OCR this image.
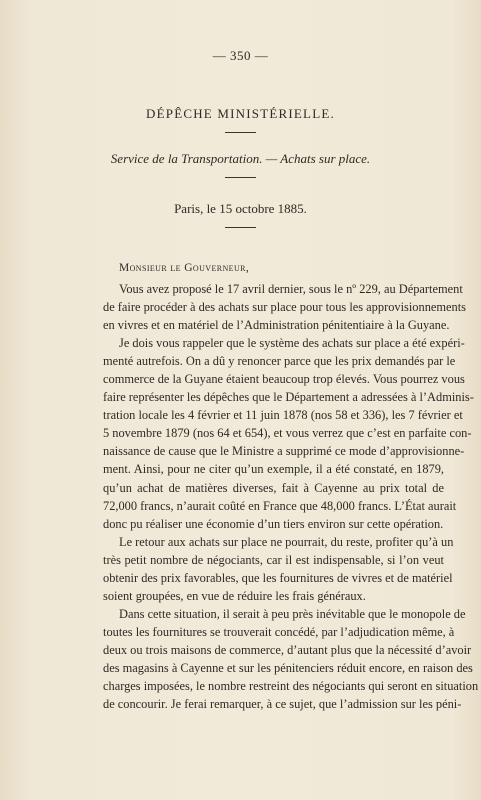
— 350 —
DÉPÊCHE MINISTÉRIELLE.
Service de la Transportation. — Achats sur place.
Paris, le 15 octobre 1885.
Monsieur le Gouverneur,
Vous avez proposé le 17 avril dernier, sous le nº 229, au Département
de faire procéder à des achats sur place pour tous les approvisionnements
en vivres et en matériel de l’Administration pénitentiaire à la Guyane.
Je dois vous rappeler que le système des achats sur place a été expéri-
menté autrefois. On a dû y renoncer parce que les prix demandés par le
commerce de la Guyane étaient beaucoup trop élevés. Vous pourrez vous
faire représenter les dépêches que le Département a adressées à l’Adminis-
tration locale les 4 février et 11 juin 1878 (nos 58 et 336), les 7 février et
5 novembre 1879 (nos 64 et 654), et vous verrez que c’est en parfaite con-
naissance de cause que le Ministre a supprimé ce mode d’approvisionne-
ment. Ainsi, pour ne citer qu’un exemple, il a été constaté, en 1879,
qu’un achat de matières diverses, fait à Cayenne au prix total de
72,000 francs, n’aurait coûté en France que 48,000 francs. L’État aurait
donc pu réaliser une économie d’un tiers environ sur cette opération.
Le retour aux achats sur place ne pourrait, du reste, profiter qu’à un
très petit nombre de négociants, car il est indispensable, si l’on veut
obtenir des prix favorables, que les fournitures de vivres et de matériel
soient groupées, en vue de réduire les frais généraux.
Dans cette situation, il serait à peu près inévitable que le monopole de
toutes les fournitures se trouverait concédé, par l’adjudication même, à
deux ou trois maisons de commerce, d’autant plus que la nécessité d’avoir
des magasins à Cayenne et sur les pénitenciers réduit encore, en raison des
charges imposées, le nombre restreint des négociants qui seront en situation
de concourir. Je ferai remarquer, à ce sujet, que l’admission sur les péni-
